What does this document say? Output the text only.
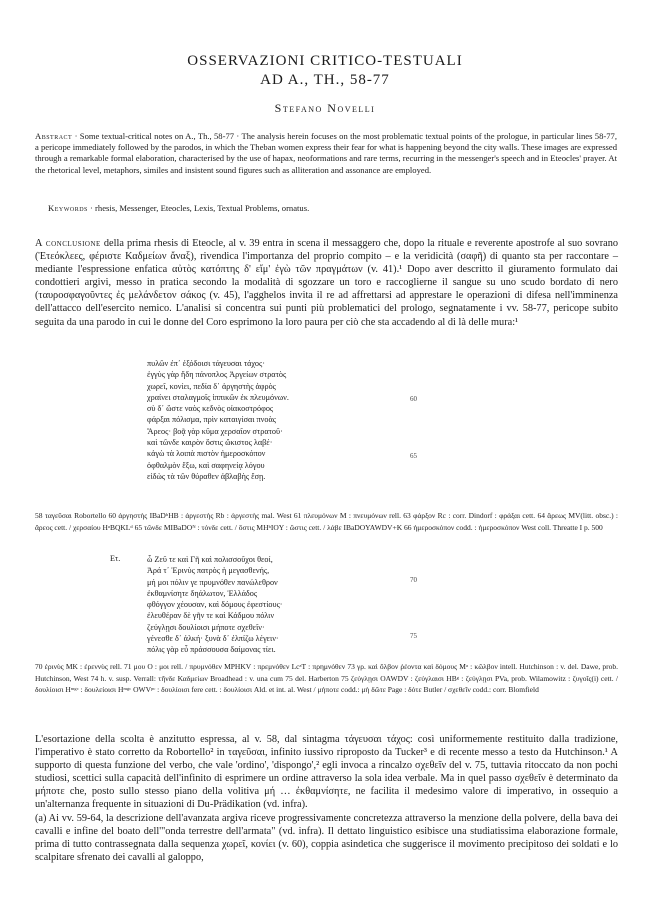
OSSERVAZIONI CRITICO-TESTUALI
AD A., TH., 58-77
Stefano Novelli
Abstract · Some textual-critical notes on A., Th., 58-77 · The analysis herein focuses on the most problematic textual points of the prologue, in particular lines 58-77, a pericope immediately followed by the parodos, in which the Theban women express their fear for what is happening beyond the city walls. These images are expressed through a remarkable formal elaboration, characterised by the use of hapax, neoformations and rare terms, recurring in the messenger's speech and in Eteocles' prayer. At the rhetorical level, metaphors, similes and insistent sound figures such as alliteration and assonance are employed.
Keywords · rhesis, Messenger, Eteocles, Lexis, Textual Problems, ornatus.

A conclusione della prima rhesis di Eteocle, al v. 39 entra in scena il messaggero che, dopo la rituale e reverente apostrofe al suo sovrano (Ἐτεόκλεες, φέριστε Καδμείων ἄναξ), rivendica l'importanza del proprio compito – e la veridicità (σαφῆ) di quanto sta per raccontare – mediante l'espressione enfatica αὐτὸς κατόπτης δ' εἴμ' ἐγὼ τῶν πραγμάτων (v. 41).¹ Dopo aver descritto il giuramento formulato dai condottieri argivi, messo in pratica secondo la modalità di sgozzare un toro e raccoglierne il sangue su uno scudo bordato di nero (ταυροσφαγοῦντες ἐς μελάνδετον σάκος (v. 45), l'agghelos invita il re ad affrettarsi ad apprestare le operazioni di difesa nell'imminenza dell'attacco dell'esercito nemico. L'analisi si concentra sui punti più problematici del prologo, segnatamente i vv. 58-77, pericope subito seguita da una parodo in cui le donne del Coro esprimono la loro paura per ciò che sta accadendo al di là delle mura:¹

πυλῶν ἐπ᾽ ἐξόδοισι τάγευσαι τάχος·
ἐγγὺς γὰρ ἤδη πάνοπλος Ἀργείων στρατὸς
χωρεῖ, κονίει, πεδία δ᾽ ἀργηστὴς ἀφρὸς
χραίνει σταλαγμοῖς ἱππικῶν ἐκ πλευμόνων.
σὺ δ᾽ ὥστε ναὸς κεδνὸς οἰακοστρόφος
φάρξαι πόλισμα, πρὶν καταιγίσαι πνοὰς
Ἄρεος· βοᾷ γὰρ κῦμα χερσαῖον στρατοῦ·
καὶ τῶνδε καιρὸν ὅστις ὤκιστος λαβέ·
κἀγὼ τὰ λοιπὰ πιστὸν ἡμεροσκόπον
ὀφθαλμὸν ἕξω, καὶ σαφηνείᾳ λόγου
εἰδὼς τὰ τῶν θύραθεν ἀβλαβὴς ἔσῃ.
60
65
58 ταγεῦσαι Robortello 60 ἀργηστὴς IBaDʰHB : ἀργεστὴς Rb : ἀργεστὴς mal. West 61 πλευμόνων M : πνευμόνων rell. 63 φάρξον Rc : corr. Dindorf : φράξαι cett. 64 ἄρεως MV(litt. obsc.) : ἄρεος cett. / χερσαίου HᵃBQKLᵈ 65 τῶνδε MIBaDOᴺ : τόνδε cett. / ὅστις MHᵇIOY : ὥστις cett. / λάβε IBaDOYAWDV+K 66 ἡμεροσκόπον codd. : ἡμεροσκόπον West coll. Threatte I p. 500
Ετ.	ὦ Ζεῦ τε καὶ Γῆ καὶ πολισσοῦχοι θεοί,
Ἀρά τ᾽ Ἐρινὺς πατρὸς ἡ μεγασθενής,
μή μοι πόλιν γε πρυμνόθεν πανώλεθρον
ἐκθαμνίσητε δηάλωτον, Ἑλλάδος
φθόγγον χέουσαν, καὶ δόμους ἐφεστίους·
ἐλευθέραν δὲ γῆν τε καὶ Κάδμου πόλιν
ζεύγλῃσι δουλίοισι μήποτε σχεθεῖν·
γένεσθε δ᾽ ἀλκή· ξυνὰ δ᾽ ἐλπίζω λέγειν·
πόλις γὰρ εὖ πράσσουσα δαίμονας τίει.
70
75
70 ἐρινὺς MK : ἐρεννὺς rell. 71 μου O : μοι rell. / πρυμνόθεν MPHKV : πρεμνόθεν LcᵃT : πρημνόθεν 73 γρ. καὶ ὄλβον ῥέοντα καὶ δόμους Mᵃ : κῶλβον intell. Hutchinson : v. del. Dawe, prob. Hutchinson, West 74 h. v. susp. Verrall: τῆνδε Καδμείων Broadhead : v. una cum 75 del. Harberton 75 ζεύγλῃσι OAWDV : ζεύγλαισι HBᵍ : ζεύγλῃσι PVa, prob. Wilamowitz : ζυγοῖς(i) cett. / δουλίοισι Hᵐᵍᶜ : δουλείοισι Hᵐᵍᶜ OWVᵖᶜ : δουλίοισι fere cett. : δουλίοισι Ald. et int. al. West / μήποτε codd.: μὴ δῶτε Page : δότε Butler / σχεθεῖν codd.: corr. Blomfield

L'esortazione della scolta è anzitutto espressa, al v. 58, dal sintagma τάγευσαι τάχος: così uniformemente restituito dalla tradizione, l'imperativo è stato corretto da Robortello² in ταγεῦσαι, infinito iussivo riproposto da Tucker³ e di recente messo a testo da Hutchinson.¹ A supporto di questa funzione del verbo, che vale 'ordino', 'dispongo',² egli invoca a rincalzo σχεθεῖν del v. 75, tuttavia ritoccato da non pochi studiosi, scettici sulla capacità dell'infinito di esprimere un ordine attraverso la sola idea verbale. Ma in quel passo σχεθεῖν è determinato da μήποτε che, posto sullo stesso piano della volitiva μή … ἐκθαμνίσητε, ne facilita il medesimo valore di imperativo, in ossequio a un'alternanza frequente in situazioni di Du-Prädikation (vd. infra).

(a) Ai vv. 59-64, la descrizione dell'avanzata argiva riceve progressivamente concretezza attraverso la menzione della polvere, della bava dei cavalli e infine del boato dell'"onda terrestre dell'armata" (vd. infra). Il dettato linguistico esibisce una studiatissima elaborazione formale, prima di tutto contrassegnata dalla sequenza χωρεῖ, κονίει (v. 60), coppia asindetica che suggerisce il movimento precipitoso dei soldati e lo scalpitare sfrenato dei cavalli al galoppo,
